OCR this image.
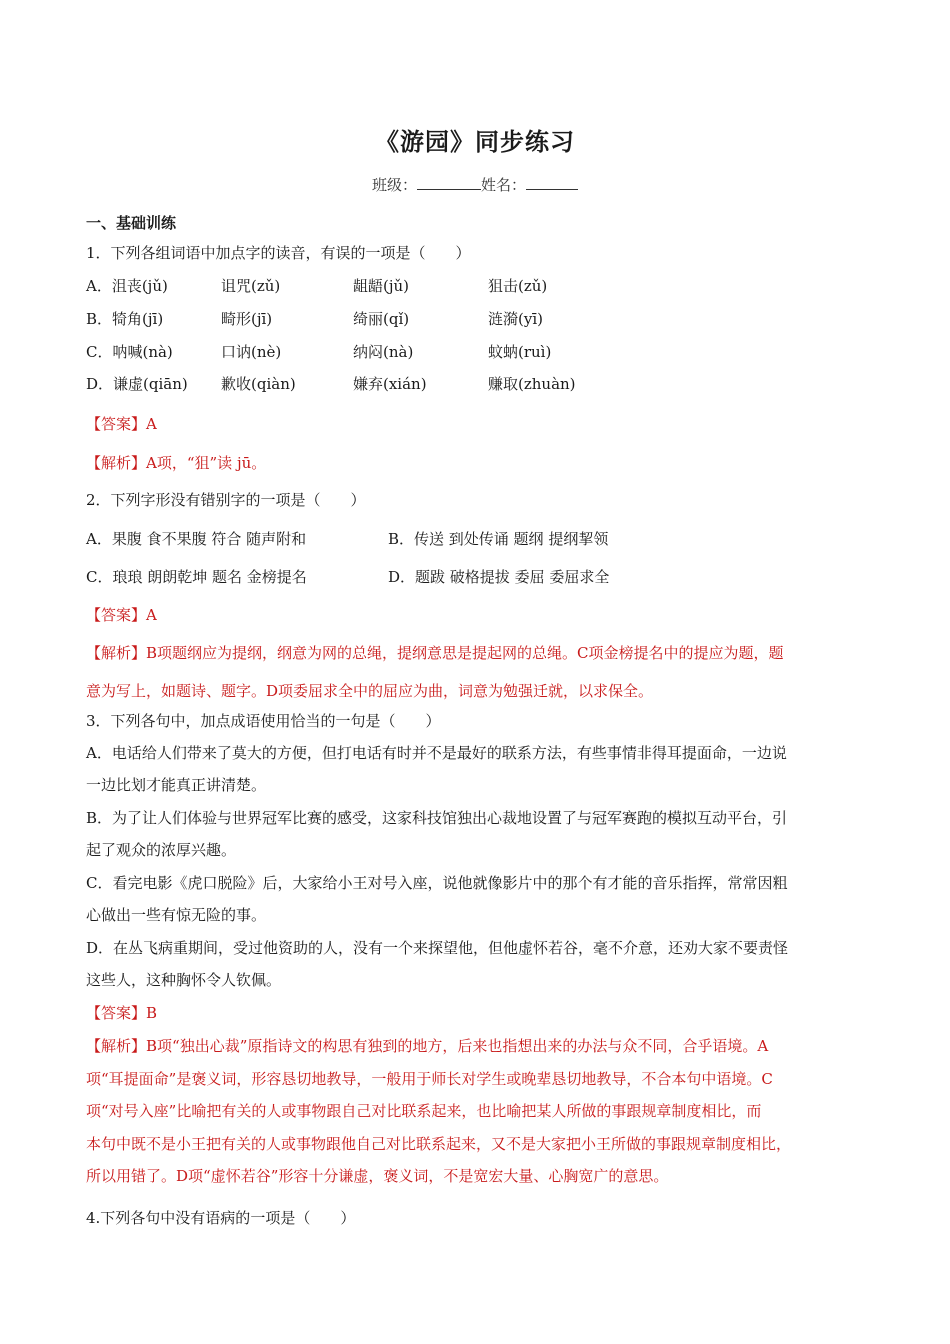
《游园》同步练习
班级：	姓名：
一、基础训练
1．下列各组词语中加点字的读音，有误的一项是（　　）
A．沮丧(jǔ)	诅咒(zǔ)	龃龉(jǔ)	狙击(zǔ)
B．犄角(jī)	畸形(jī)	绮丽(qǐ)	涟漪(yī)
C．呐喊(nà)	口讷(nè)	纳闷(nà)	蚊蚋(ruì)
D．谦虚(qiān) 歉收(qiàn)	嫌弃(xián)	赚取(zhuàn)
【答案】A
【解析】A项，“狙”读 jū。
2．下列字形没有错别字的一项是（　　）
A．果腹 食不果腹 符合 随声附和	B．传送 到处传诵 题纲 提纲挈领
C．琅琅 朗朗乾坤 题名 金榜提名	D．题跋 破格提拔 委屈 委屈求全
【答案】A
【解析】B项题纲应为提纲，纲意为网的总绳，提纲意思是提起网的总绳。C项金榜提名中的提应为题，题
意为写上，如题诗、题字。D项委屈求全中的屈应为曲，词意为勉强迁就，以求保全。
3．下列各句中，加点成语使用恰当的一句是（　　）
A．电话给人们带来了莫大的方便，但打电话有时并不是最好的联系方法，有些事情非得耳提面命，一边说
一边比划才能真正讲清楚。
B．为了让人们体验与世界冠军比赛的感受，这家科技馆独出心裁地设置了与冠军赛跑的模拟互动平台，引
起了观众的浓厚兴趣。
C．看完电影《虎口脱险》后，大家给小王对号入座，说他就像影片中的那个有才能的音乐指挥，常常因粗
心做出一些有惊无险的事。
D．在丛飞病重期间，受过他资助的人，没有一个来探望他，但他虚怀若谷，毫不介意，还劝大家不要责怪
这些人，这种胸怀令人钦佩。
【答案】B
【解析】B项“独出心裁”原指诗文的构思有独到的地方，后来也指想出来的办法与众不同，合乎语境。A
项“耳提面命”是褒义词，形容恳切地教导，一般用于师长对学生或晚辈恳切地教导，不合本句中语境。C
项“对号入座”比喻把有关的人或事物跟自己对比联系起来，也比喻把某人所做的事跟规章制度相比，而
本句中既不是小王把有关的人或事物跟他自己对比联系起来，又不是大家把小王所做的事跟规章制度相比，
所以用错了。D项“虚怀若谷”形容十分谦虚，褒义词，不是宽宏大量、心胸宽广的意思。
4.下列各句中没有语病的一项是（　　）
